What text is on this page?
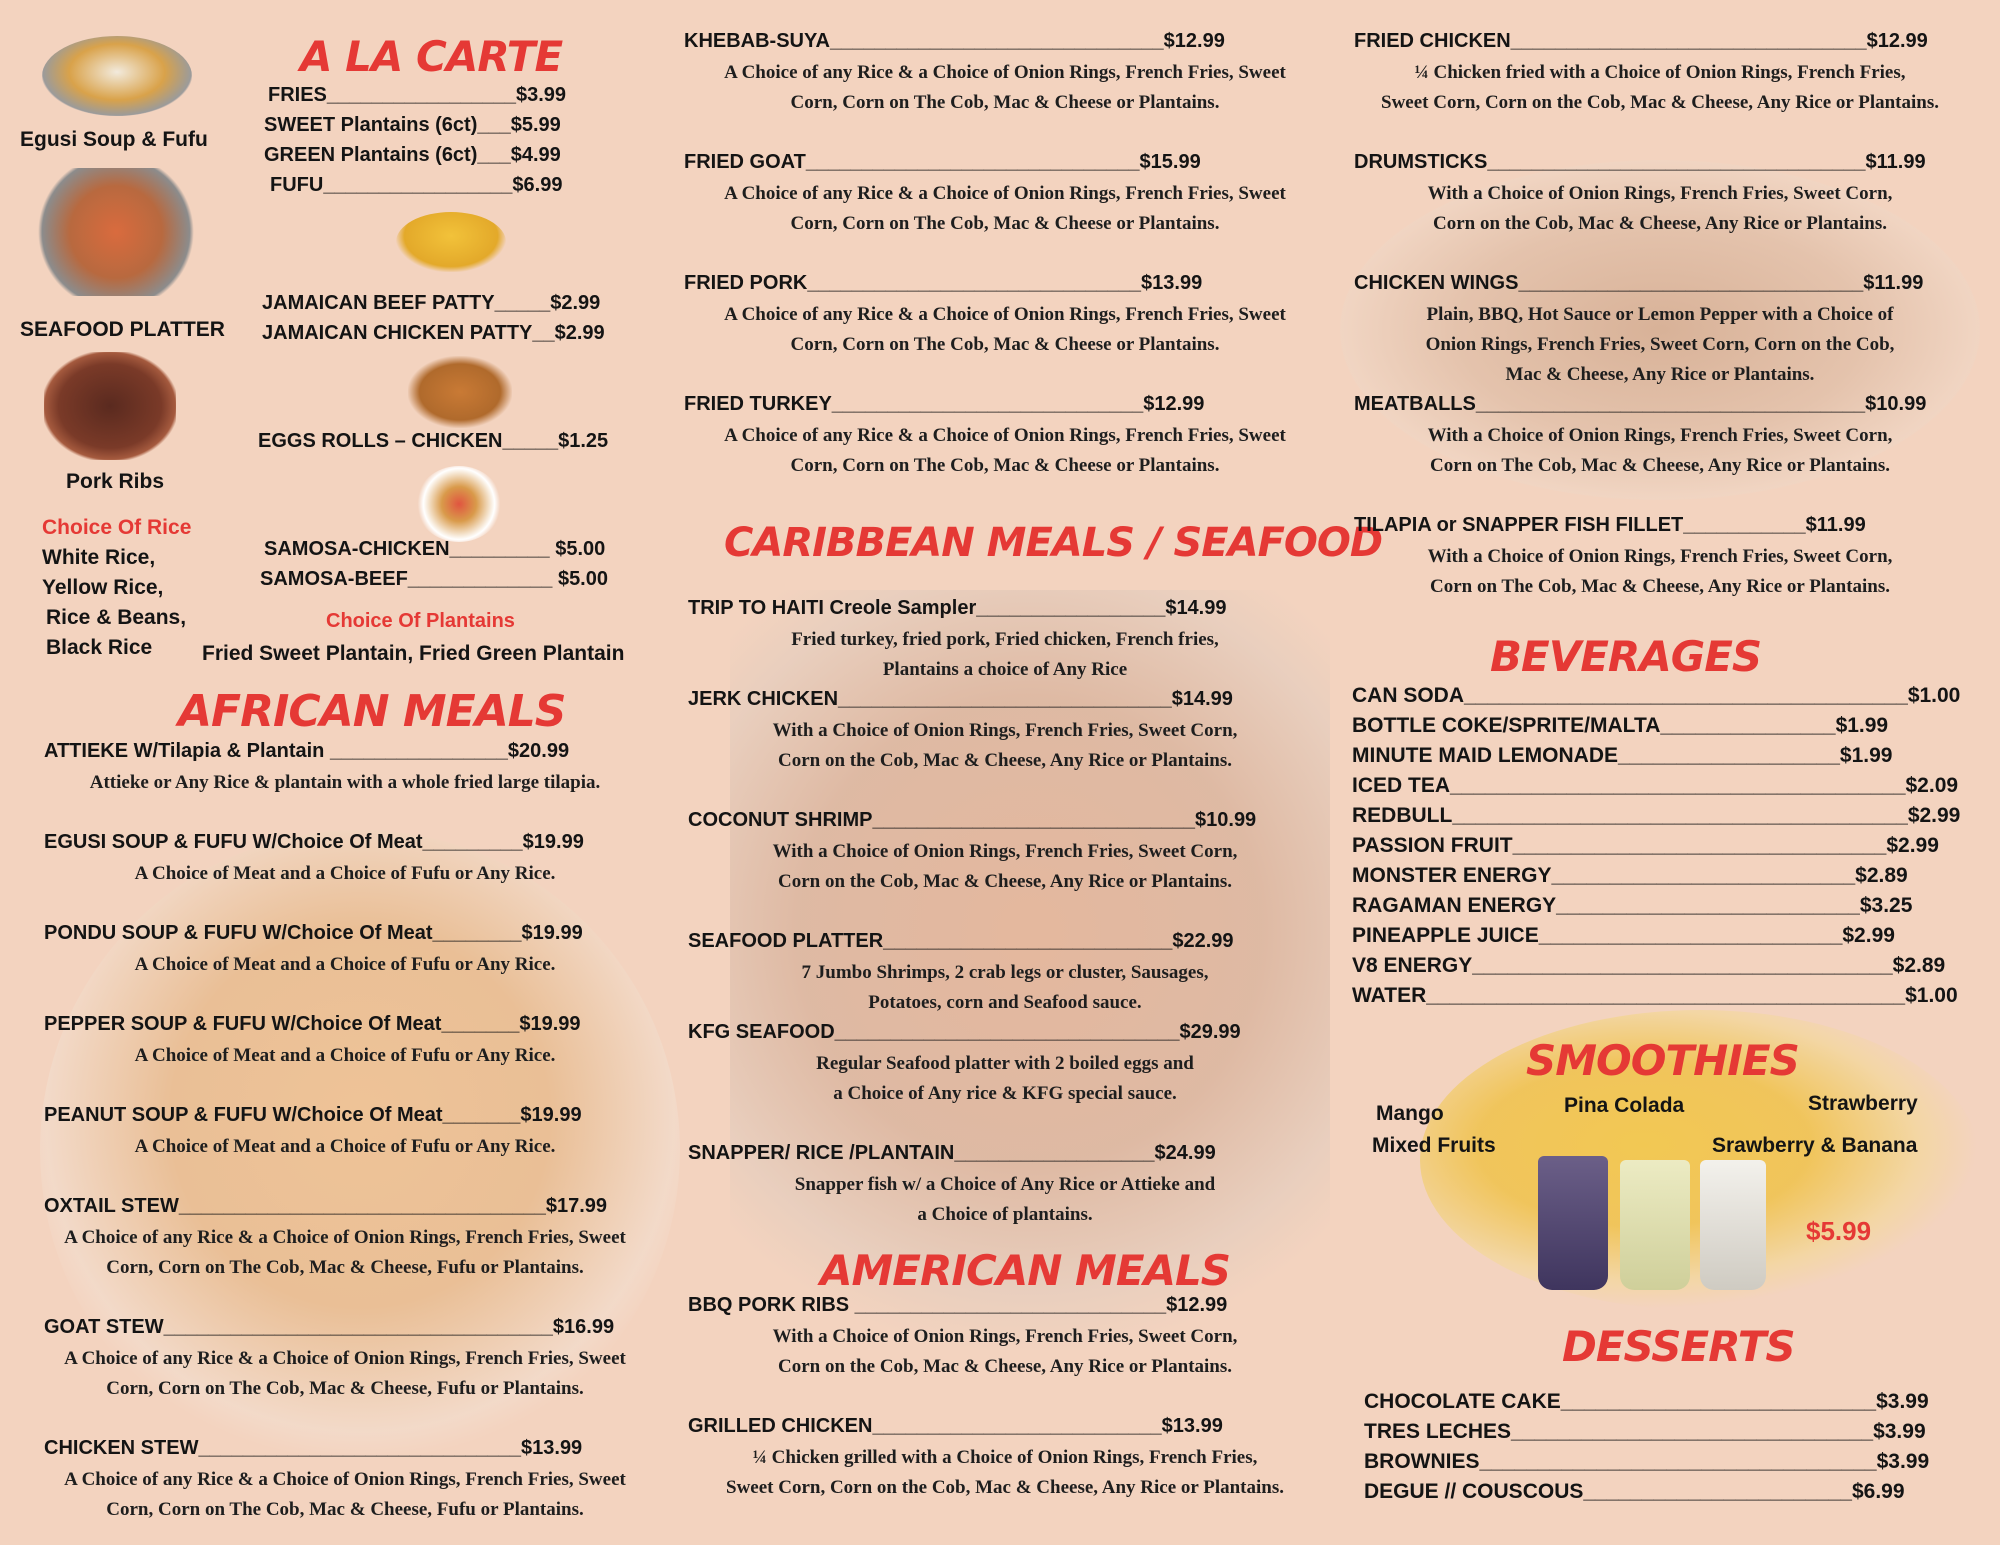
Egusi Soup & Fufu
SEAFOOD PLATTER
Pork Ribs
Choice Of Rice
White Rice,
Yellow Rice,
Rice & Beans,
Black Rice
A LA CARTE
FRIES_________________$3.99
SWEET Plantains (6ct)___$5.99
GREEN Plantains (6ct)___$4.99
FUFU_________________$6.99
JAMAICAN BEEF PATTY_____$2.99
JAMAICAN CHICKEN PATTY__$2.99
EGGS ROLLS – CHICKEN_____$1.25
SAMOSA-CHICKEN_________ $5.00
SAMOSA-BEEF_____________ $5.00
Choice Of Plantains
Fried Sweet Plantain, Fried Green Plantain
AFRICAN MEALS
ATTIEKE W/Tilapia & Plantain ________________$20.99
Attieke or Any Rice & plantain with a whole fried large tilapia.
EGUSI SOUP & FUFU W/Choice Of Meat_________$19.99
A Choice of Meat and a Choice of Fufu or Any Rice.
PONDU SOUP & FUFU W/Choice Of Meat________$19.99
A Choice of Meat and a Choice of Fufu or Any Rice.
PEPPER SOUP & FUFU W/Choice Of Meat_______$19.99
A Choice of Meat and a Choice of Fufu or Any Rice.
PEANUT SOUP & FUFU W/Choice Of Meat_______$19.99
A Choice of Meat and a Choice of Fufu or Any Rice.
OXTAIL STEW_________________________________$17.99
A Choice of any Rice & a Choice of Onion Rings, French Fries, Sweet
Corn, Corn on The Cob, Mac & Cheese, Fufu or Plantains.
GOAT STEW___________________________________$16.99
A Choice of any Rice & a Choice of Onion Rings, French Fries, Sweet
Corn, Corn on The Cob, Mac & Cheese, Fufu or Plantains.
CHICKEN STEW_____________________________$13.99
A Choice of any Rice & a Choice of Onion Rings, French Fries, Sweet
Corn, Corn on The Cob, Mac & Cheese, Fufu or Plantains.
KHEBAB-SUYA______________________________$12.99
A Choice of any Rice & a Choice of Onion Rings, French Fries, Sweet
Corn, Corn on The Cob, Mac & Cheese or Plantains.
FRIED GOAT______________________________$15.99
A Choice of any Rice & a Choice of Onion Rings, French Fries, Sweet
Corn, Corn on The Cob, Mac & Cheese or Plantains.
FRIED PORK______________________________$13.99
A Choice of any Rice & a Choice of Onion Rings, French Fries, Sweet
Corn, Corn on The Cob, Mac & Cheese or Plantains.
FRIED TURKEY____________________________$12.99
A Choice of any Rice & a Choice of Onion Rings, French Fries, Sweet
Corn, Corn on The Cob, Mac & Cheese or Plantains.
CARIBBEAN MEALS / SEAFOOD
TRIP TO HAITI Creole Sampler_________________$14.99
Fried turkey, fried pork, Fried chicken, French fries,
Plantains a choice of Any Rice
JERK CHICKEN______________________________$14.99
With a Choice of Onion Rings, French Fries, Sweet Corn,
Corn on the Cob, Mac & Cheese, Any Rice or Plantains.
COCONUT SHRIMP_____________________________$10.99
With a Choice of Onion Rings, French Fries, Sweet Corn,
Corn on the Cob, Mac & Cheese, Any Rice or Plantains.
SEAFOOD PLATTER__________________________$22.99
7 Jumbo Shrimps, 2 crab legs or cluster, Sausages,
Potatoes, corn and Seafood sauce.
KFG SEAFOOD_______________________________$29.99
Regular Seafood platter with 2 boiled eggs and
a Choice of Any rice & KFG special sauce.
SNAPPER/ RICE /PLANTAIN__________________$24.99
Snapper fish w/ a Choice of Any Rice or Attieke and
a Choice of plantains.
AMERICAN MEALS
BBQ PORK RIBS ____________________________$12.99
With a Choice of Onion Rings, French Fries, Sweet Corn,
Corn on the Cob, Mac & Cheese, Any Rice or Plantains.
GRILLED CHICKEN__________________________$13.99
¼ Chicken grilled with a Choice of Onion Rings, French Fries,
Sweet Corn, Corn on the Cob, Mac & Cheese, Any Rice or Plantains.
FRIED CHICKEN________________________________$12.99
¼ Chicken fried with a Choice of Onion Rings, French Fries,
Sweet Corn, Corn on the Cob, Mac & Cheese, Any Rice or Plantains.
DRUMSTICKS__________________________________$11.99
With a Choice of Onion Rings, French Fries, Sweet Corn,
Corn on the Cob, Mac & Cheese, Any Rice or Plantains.
CHICKEN WINGS_______________________________$11.99
Plain, BBQ, Hot Sauce or Lemon Pepper with a Choice of
Onion Rings, French Fries, Sweet Corn, Corn on the Cob,
Mac & Cheese, Any Rice or Plantains.
MEATBALLS___________________________________$10.99
With a Choice of Onion Rings, French Fries, Sweet Corn,
Corn on The Cob, Mac & Cheese, Any Rice or Plantains.
TILAPIA or SNAPPER FISH FILLET___________$11.99
With a Choice of Onion Rings, French Fries, Sweet Corn,
Corn on The Cob, Mac & Cheese, Any Rice or Plantains.
BEVERAGES
CAN SODA______________________________________$1.00
BOTTLE COKE/SPRITE/MALTA_______________$1.99
MINUTE MAID LEMONADE___________________$1.99
ICED TEA_______________________________________$2.09
REDBULL_______________________________________$2.99
PASSION FRUIT________________________________$2.99
MONSTER ENERGY__________________________$2.89
RAGAMAN ENERGY__________________________$3.25
PINEAPPLE JUICE__________________________$2.99
V8 ENERGY____________________________________$2.89
WATER_________________________________________$1.00
SMOOTHIES
Mango
Mixed Fruits
Pina Colada	Strawberry
Srawberry & Banana
$5.99
DESSERTS
CHOCOLATE CAKE___________________________$3.99
TRES LECHES_______________________________$3.99
BROWNIES__________________________________$3.99
DEGUE // COUSCOUS_______________________$6.99
